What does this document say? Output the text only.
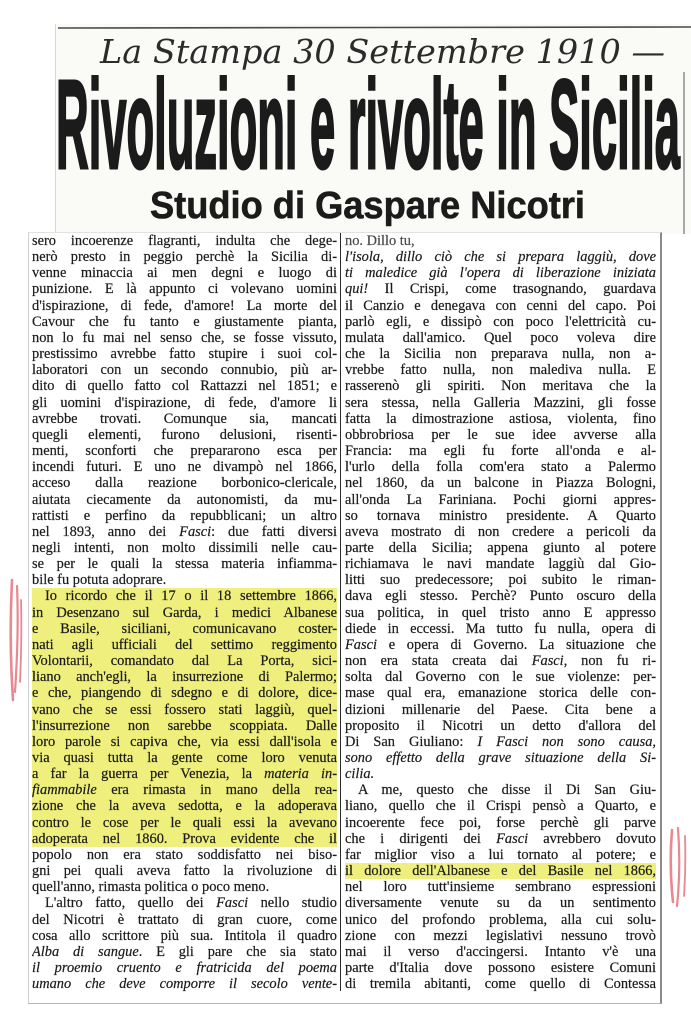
La Stampa 30 Settembre 1910 —
Rivoluzioni e rivolte in Sicilia
Studio di Gaspare Nicotri
sero incoerenze flagranti, indulta che dege-
nerò presto in peggio perchè la Sicilia di-
venne minaccia ai men degni e luogo di
punizione. E là appunto ci volevano uomini
d'ispirazione, di fede, d'amore! La morte del
Cavour che fu tanto e giustamente pianta,
non lo fu mai nel senso che, se fosse vissuto,
prestissimo avrebbe fatto stupire i suoi col-
laboratori con un secondo connubio, più ar-
dito di quello fatto col Rattazzi nel 1851; e
gli uomini d'ispirazione, di fede, d'amore li
avrebbe trovati. Comunque sia, mancati
quegli elementi, furono delusioni, risenti-
menti, sconforti che prepararono esca per
incendi futuri. E uno ne divampò nel 1866,
acceso dalla reazione borbonico-clericale,
aiutata ciecamente da autonomisti, da mu-
rattisti e perfino da repubblicani; un altro
nel 1893, anno dei Fasci: due fatti diversi
negli intenti, non molto dissimili nelle cau-
se per le quali la stessa materia infiamma-
bile fu potuta adoprare.
Io ricordo che il 17 o il 18 settembre 1866,
in Desenzano sul Garda, i medici Albanese
e Basile, siciliani, comunicavano coster-
nati agli ufficiali del settimo reggimento
Volontarii, comandato dal La Porta, sici-
liano anch'egli, la insurrezione di Palermo;
e che, piangendo di sdegno e di dolore, dice-
vano che se essi fossero stati laggiù, quel-
l'insurrezione non sarebbe scoppiata. Dalle
loro parole si capiva che, via essi dall'isola e
via quasi tutta la gente come loro venuta
a far la guerra per Venezia, la materia in-
fiammabile era rimasta in mano della rea-
zione che la aveva sedotta, e la adoperava
contro le cose per le quali essi la avevano
adoperata nel 1860. Prova evidente che il
popolo non era stato soddisfatto nei biso-
gni pei quali aveva fatto la rivoluzione di
quell'anno, rimasta politica o poco meno.
L'altro fatto, quello dei Fasci nello studio
del Nicotri è trattato di gran cuore, come
cosa allo scrittore più sua. Intitola il quadro
Alba di sangue. E gli pare che sia stato
il proemio cruento e fratricida del poema
umano che deve comporre il secolo vente-
no. Dillo tu,
l'isola, dillo ciò che si prepara laggiù, dove
ti maledice già l'opera di liberazione iniziata
qui! Il Crispi, come trasognando, guardava
il Canzio e denegava con cenni del capo. Poi
parlò egli, e dissipò con poco l'elettricità cu-
mulata dall'amico. Quel poco voleva dire
che la Sicilia non preparava nulla, non a-
vrebbe fatto nulla, non malediva nulla. E
rasserenò gli spiriti. Non meritava che la
sera stessa, nella Galleria Mazzini, gli fosse
fatta la dimostrazione astiosa, violenta, fino
obbrobriosa per le sue idee avverse alla
Francia: ma egli fu forte all'onda e al-
l'urlo della folla com'era stato a Palermo
nel 1860, da un balcone in Piazza Bologni,
all'onda La Fariniana. Pochi giorni appres-
so tornava ministro presidente. A Quarto
aveva mostrato di non credere a pericoli da
parte della Sicilia; appena giunto al potere
richiamava le navi mandate laggiù dal Gio-
litti suo predecessore; poi subito le riman-
dava egli stesso. Perchè? Punto oscuro della
sua politica, in quel tristo anno E appresso
diede in eccessi. Ma tutto fu nulla, opera di
Fasci e opera di Governo. La situazione che
non era stata creata dai Fasci, non fu ri-
solta dal Governo con le sue violenze: per-
mase qual era, emanazione storica delle con-
dizioni millenarie del Paese. Cita bene a
proposito il Nicotri un detto d'allora del
Di San Giuliano: I Fasci non sono causa,
sono effetto della grave situazione della Si-
cilia.
A me, questo che disse il Di San Giu-
liano, quello che il Crispi pensò a Quarto, e
incoerente fece poi, forse perchè gli parve
che i dirigenti dei Fasci avrebbero dovuto
far miglior viso a lui tornato al potere; e
il dolore dell'Albanese e del Basile nel 1866,
nel loro tutt'insieme sembrano espressioni
diversamente venute su da un sentimento
unico del profondo problema, alla cui solu-
zione con mezzi legislativi nessuno trovò
mai il verso d'accingersi. Intanto v'è una
parte d'Italia dove possono esistere Comuni
di tremila abitanti, come quello di Contessa
